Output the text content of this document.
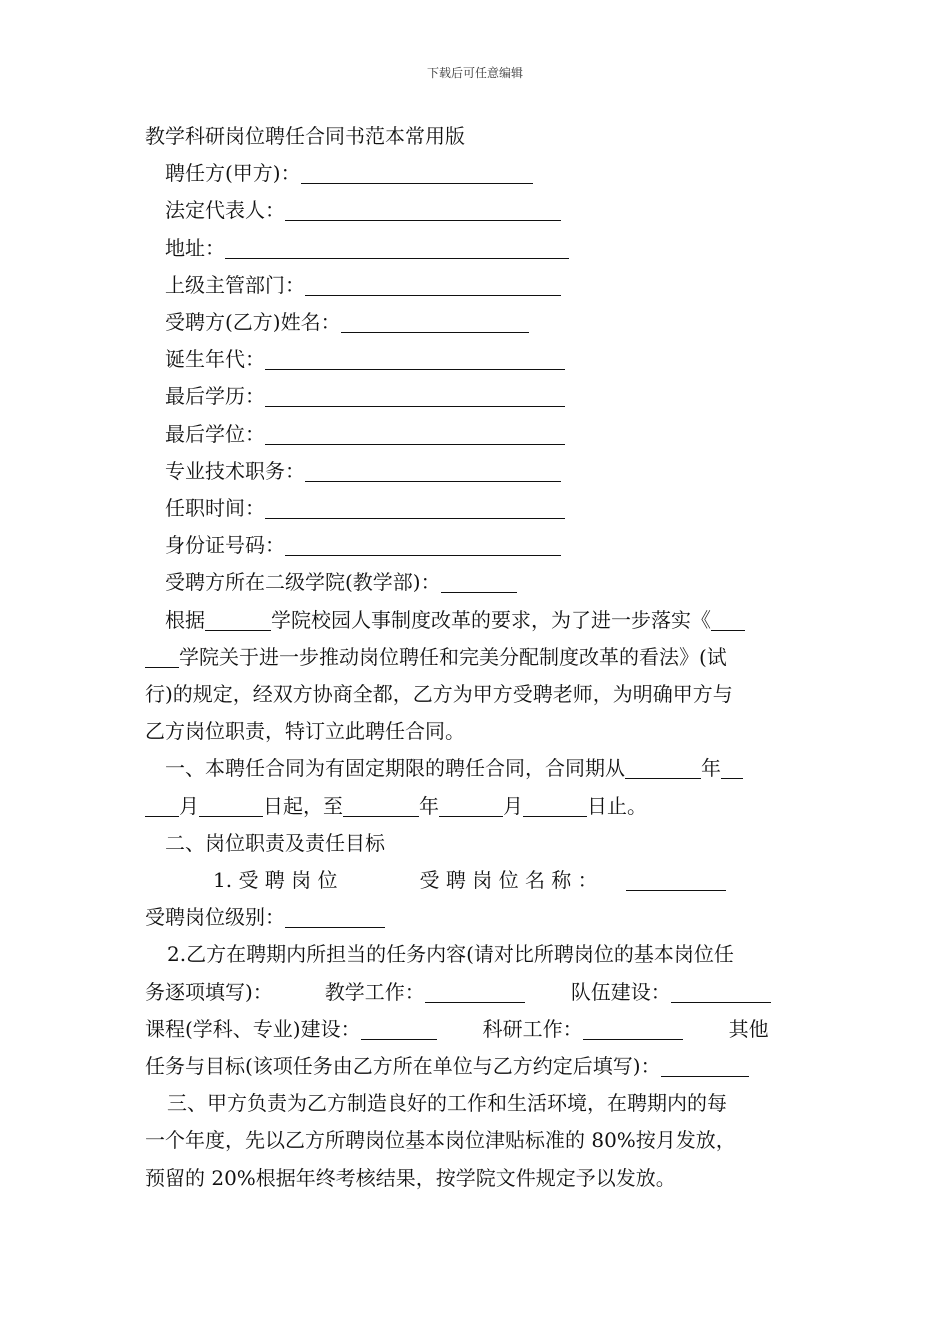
下载后可任意编辑
教学科研岗位聘任合同书范本常用版
聘任方(甲方)：
法定代表人：
地址：
上级主管部门：
受聘方(乙方)姓名：
诞生年代：
最后学历：
最后学位：
专业技术职务：
任职时间：
身份证号码：
受聘方所在二级学院(教学部)：
根据	学院校园人事制度改革的要求，为了进一步落实《
学院关于进一步推动岗位聘任和完美分配制度改革的看法》(试
行)的规定，经双方协商全都，乙方为甲方受聘老师，为明确甲方与
乙方岗位职责，特订立此聘任合同。
一、本聘任合同为有固定期限的聘任合同，合同期从	年
月	日起，至	年	月	日止。
二、岗位职责及责任目标
1. 受 聘 岗 位	受 聘 岗 位 名 称 ：
受聘岗位级别：
2.乙方在聘期内所担当的任务内容(请对比所聘岗位的基本岗位任
务逐项填写)：	教学工作：	队伍建设：
课程(学科、专业)建设：	科研工作：	其他
任务与目标(该项任务由乙方所在单位与乙方约定后填写)：
三、甲方负责为乙方制造良好的工作和生活环境，在聘期内的每
一个年度，先以乙方所聘岗位基本岗位津贴标准的 80%按月发放，
预留的 20%根据年终考核结果，按学院文件规定予以发放。
